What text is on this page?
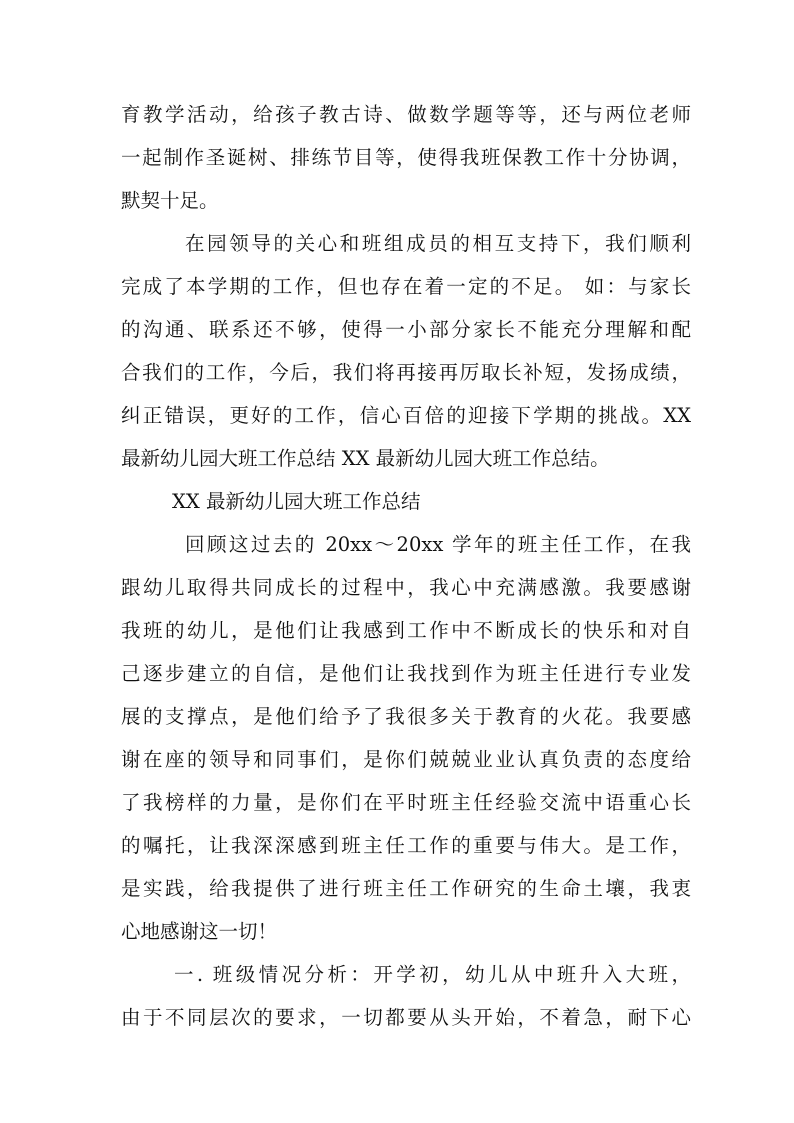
育教学活动，给孩子教古诗、做数学题等等，还与两位老师
一起制作圣诞树、排练节目等，使得我班保教工作十分协调，
默契十足。
在园领导的关心和班组成员的相互支持下，我们顺利
完成了本学期的工作，但也存在着一定的不足。 如：与家长
的沟通、联系还不够，使得一小部分家长不能充分理解和配
合我们的工作，今后，我们将再接再厉取长补短，发扬成绩，
纠正错误，更好的工作，信心百倍的迎接下学期的挑战。XX
最新幼儿园大班工作总结 XX 最新幼儿园大班工作总结。
XX 最新幼儿园大班工作总结
回顾这过去的 20xx～20xx 学年的班主任工作，在我
跟幼儿取得共同成长的过程中，我心中充满感激。我要感谢
我班的幼儿，是他们让我感到工作中不断成长的快乐和对自
己逐步建立的自信，是他们让我找到作为班主任进行专业发
展的支撑点，是他们给予了我很多关于教育的火花。我要感
谢在座的领导和同事们，是你们兢兢业业认真负责的态度给
了我榜样的力量，是你们在平时班主任经验交流中语重心长
的嘱托，让我深深感到班主任工作的重要与伟大。是工作，
是实践，给我提供了进行班主任工作研究的生命土壤，我衷
心地感谢这一切！
一. 班级情况分析：开学初，幼儿从中班升入大班，
由于不同层次的要求，一切都要从头开始，不着急，耐下心
